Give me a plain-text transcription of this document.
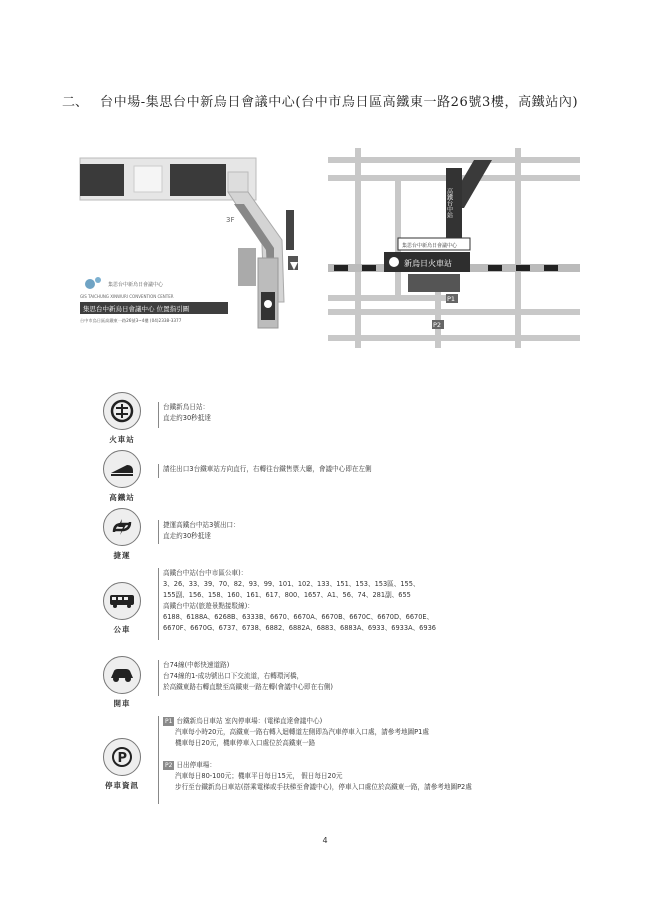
二、 台中場-集思台中新烏日會議中心(台中市烏日區高鐵東一路26號3樓，高鐵站內)
3F
集思台中新烏日會議中心
GIS TAICHUNG XINWURI CONVENTION CENTER
集思台中新烏日會議中心 位置指引圖
台中市烏日區高鐵東一路26號3~4樓 (04)2338-3377
高鐵台中站
集思台中新烏日會議中心
新烏日火車站
P1
P2
火車站
台鐵新烏日站：
直走約30秒抵達
高鐵站
請往出口3台鐵車站方向直行，右轉往台鐵售票大廳，會議中心即在左側
捷運
捷運高鐵台中站3號出口：
直走約30秒抵達
公車
高鐵台中站(台中市區公車)：
3、26、33、39、70、82、93、99、101、102、133、151、153、153區、155、
155副、156、158、160、161、617、800、1657、A1、56、74、281副、655
高鐵台中站(旅遊景點接駁線)：
6188、6188A、6268B、6333B、6670、6670A、6670B、6670C、6670D、6670E、
6670F、6670G、6737、6738、6882、6882A、6883、6883A、6933、6933A、6936
開車
台74線(中彰快速道路)
台74線的1-成功號出口下交流道，右轉環河橋，
於高鐵東路右轉直駛至高鐵東一路左轉(會議中心即在右側)
P
停車資訊
P1 台鐵新烏日車站 室內停車場：(電梯直達會議中心)
汽車每小時20元，高鐵東一路右轉入迴轉道左側即為汽車停車入口處，請參考地圖P1處
機車每日20元，機車停車入口處位於高鐵東一路
P2 日出停車場：
汽車每日80-100元；機車平日每日15元， 假日每日20元
步行至台鐵新烏日車站(搭乘電梯或手扶梯至會議中心)，停車入口處位於高鐵東一路，請參考地圖P2處
4
